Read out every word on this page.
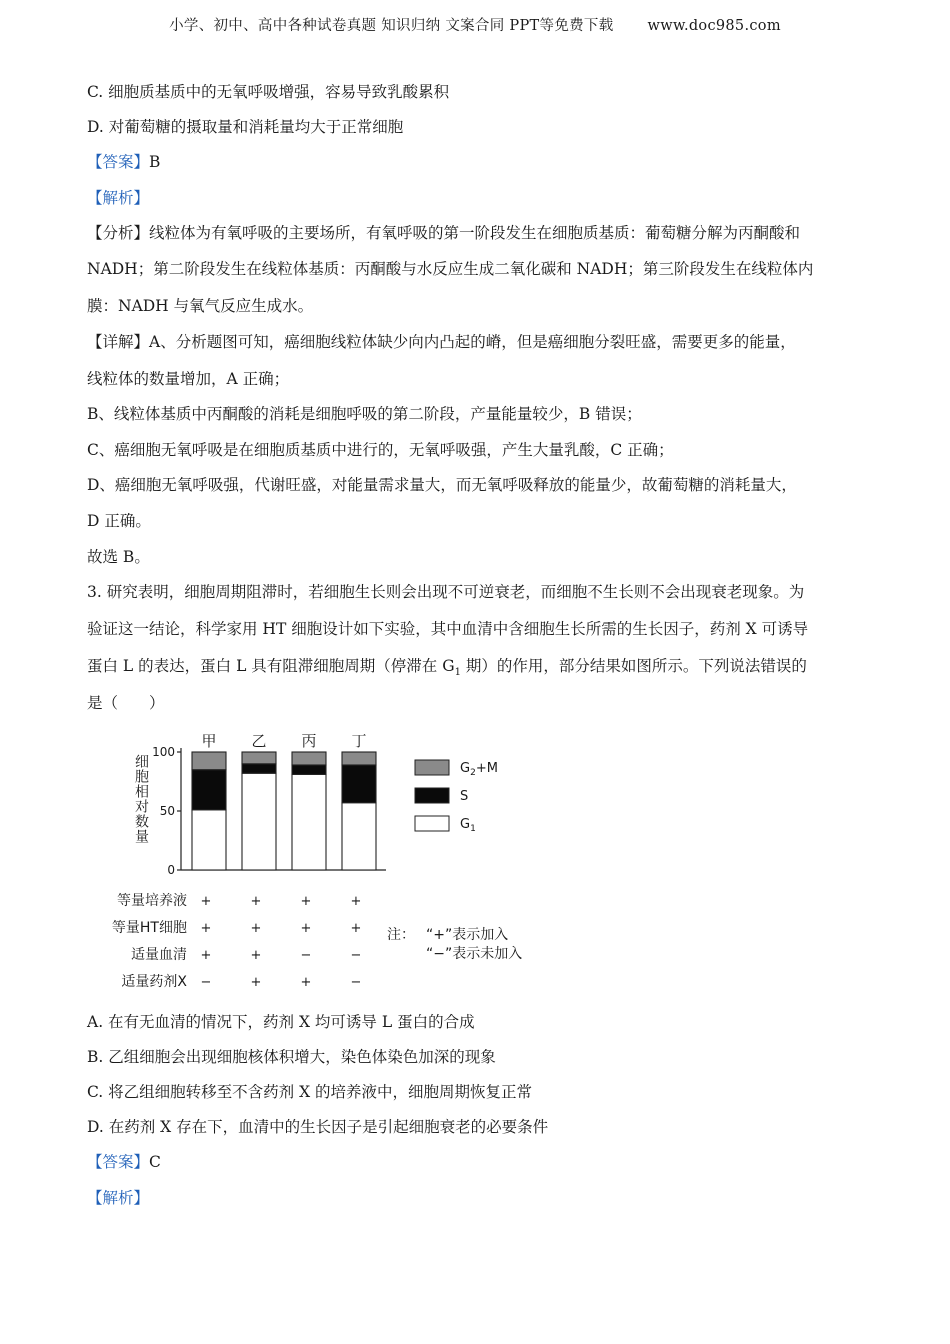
小学、初中、高中各种试卷真题 知识归纳 文案合同 PPT等免费下载 www.doc985.com
C. 细胞质基质中的无氧呼吸增强，容易导致乳酸累积
D. 对葡萄糖的摄取量和消耗量均大于正常细胞
【答案】B
【解析】
【分析】线粒体为有氧呼吸的主要场所，有氧呼吸的第一阶段发生在细胞质基质：葡萄糖分解为丙酮酸和
NADH；第二阶段发生在线粒体基质：丙酮酸与水反应生成二氧化碳和 NADH；第三阶段发生在线粒体内
膜：NADH 与氧气反应生成水。
【详解】A、分析题图可知，癌细胞线粒体缺少向内凸起的嵴，但是癌细胞分裂旺盛，需要更多的能量，
线粒体的数量增加，A 正确；
B、线粒体基质中丙酮酸的消耗是细胞呼吸的第二阶段，产量能量较少，B 错误；
C、癌细胞无氧呼吸是在细胞质基质中进行的，无氧呼吸强，产生大量乳酸，C 正确；
D、癌细胞无氧呼吸强，代谢旺盛，对能量需求量大，而无氧呼吸释放的能量少，故葡萄糖的消耗量大，
D 正确。
故选 B。
3. 研究表明，细胞周期阻滞时，若细胞生长则会出现不可逆衰老，而细胞不生长则不会出现衰老现象。为
验证这一结论，科学家用 HT 细胞设计如下实验，其中血清中含细胞生长所需的生长因子，药剂 X 可诱导
蛋白 L 的表达，蛋白 L 具有阻滞细胞周期（停滞在 $G_1$ 期）的作用，部分结果如图所示。下列说法错误的
是（　　）
0
50
100
细胞相对数量
甲 乙 丙 丁
$G_2+M$
S
$G_1$
等量培养液 +	+	+	+
等量HT细胞 +	+	+	+
适量血清 +	+	−	−
适量药剂X −	+	+	−
注： “+”表示加入
“−”表示未加入
A. 在有无血清的情况下，药剂 X 均可诱导 L 蛋白的合成
B. 乙组细胞会出现细胞核体积增大，染色体染色加深的现象
C. 将乙组细胞转移至不含药剂 X 的培养液中，细胞周期恢复正常
D. 在药剂 X 存在下，血清中的生长因子是引起细胞衰老的必要条件
【答案】C
【解析】
